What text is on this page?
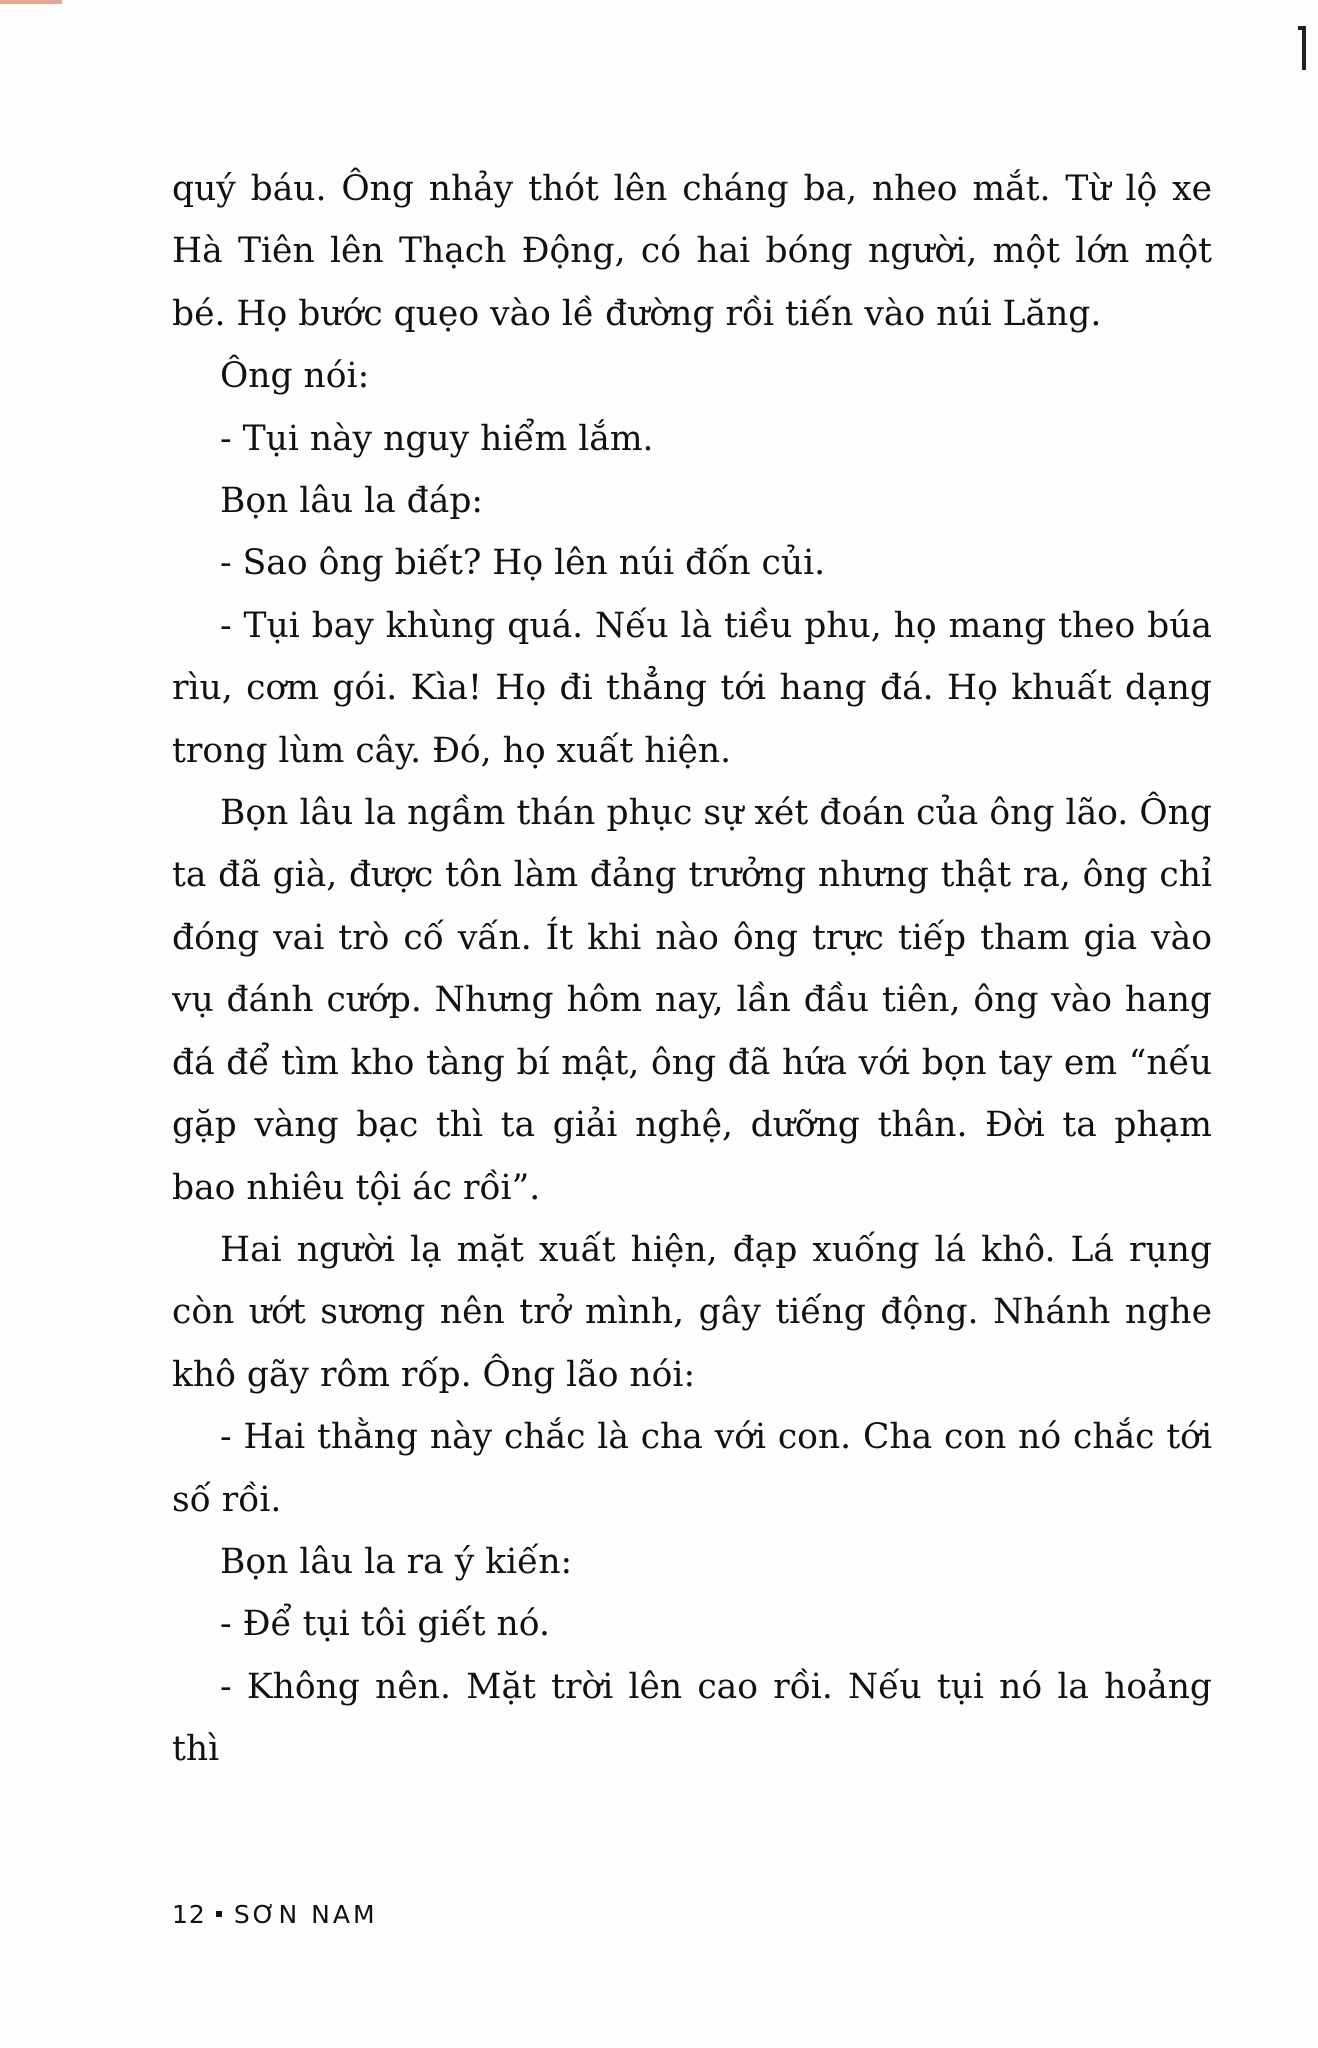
quý báu. Ông nhảy thót lên cháng ba, nheo mắt. Từ lộ xe Hà Tiên lên Thạch Động, có hai bóng người, một lớn một bé. Họ bước quẹo vào lề đường rồi tiến vào núi Lăng.

Ông nói:

- Tụi này nguy hiểm lắm.

Bọn lâu la đáp:

- Sao ông biết? Họ lên núi đốn củi.

- Tụi bay khùng quá. Nếu là tiều phu, họ mang theo búa rìu, cơm gói. Kìa! Họ đi thẳng tới hang đá. Họ khuất dạng trong lùm cây. Đó, họ xuất hiện.

Bọn lâu la ngầm thán phục sự xét đoán của ông lão. Ông ta đã già, được tôn làm đảng trưởng nhưng thật ra, ông chỉ đóng vai trò cố vấn. Ít khi nào ông trực tiếp tham gia vào vụ đánh cướp. Nhưng hôm nay, lần đầu tiên, ông vào hang đá để tìm kho tàng bí mật, ông đã hứa với bọn tay em “nếu gặp vàng bạc thì ta giải nghệ, dưỡng thân. Đời ta phạm bao nhiêu tội ác rồi”.

Hai người lạ mặt xuất hiện, đạp xuống lá khô. Lá rụng còn ướt sương nên trở mình, gây tiếng động. Nhánh nghe khô gãy rôm rốp. Ông lão nói:

- Hai thằng này chắc là cha với con. Cha con nó chắc tới số rồi.

Bọn lâu la ra ý kiến:

- Để tụi tôi giết nó.

- Không nên. Mặt trời lên cao rồi. Nếu tụi nó la hoảng thì

12 SƠN NAM
